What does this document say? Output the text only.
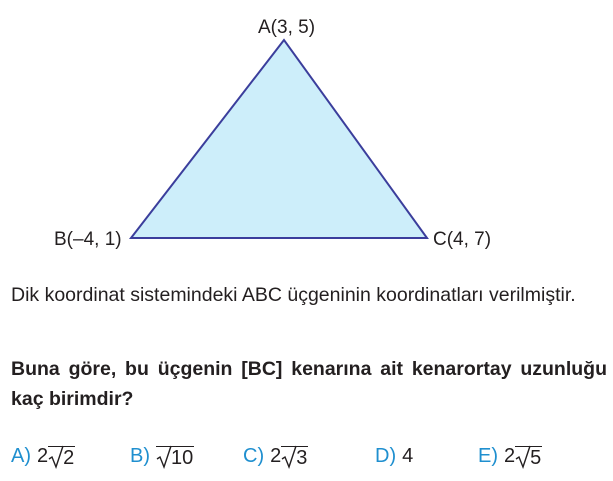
A(3, 5)
B(–4, 1)	C(4, 7)

Dik koordinat sistemindeki ABC üçgeninin koordinatları verilmiştir.

Buna göre, bu üçgenin [BC] kenarına ait kenarortay uzunluğu kaç birimdir?

A) 2 2	B) 10 C) 2 3	D) 4	E) 2 5
